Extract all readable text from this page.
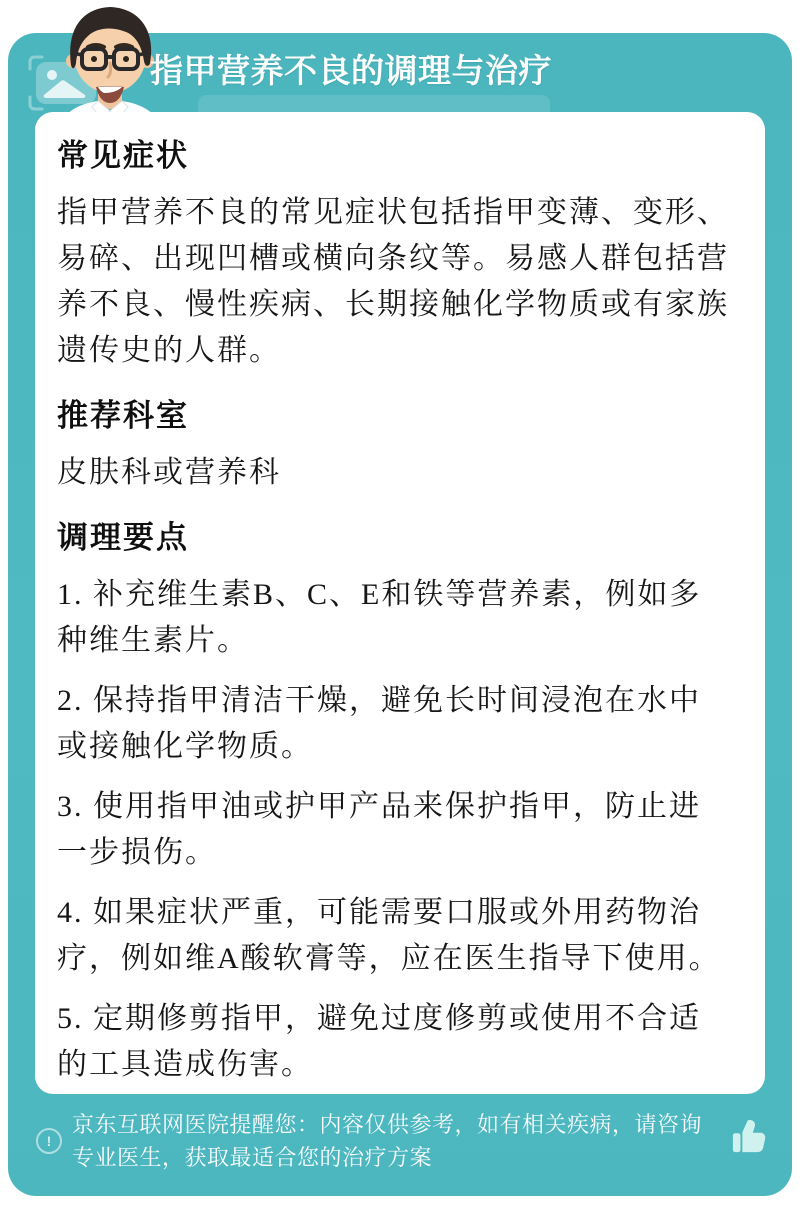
指甲营养不良的调理与治疗
常见症状

指甲营养不良的常见症状包括指甲变薄、变形、易碎、出现凹槽或横向条纹等。易感人群包括营养不良、慢性疾病、长期接触化学物质或有家族遗传史的人群。

推荐科室

皮肤科或营养科

调理要点

1. 补充维生素B、C、E和铁等营养素，例如多种维生素片。

2. 保持指甲清洁干燥，避免长时间浸泡在水中或接触化学物质。

3. 使用指甲油或护甲产品来保护指甲，防止进一步损伤。

4. 如果症状严重，可能需要口服或外用药物治疗，例如维A酸软膏等，应在医生指导下使用。

5. 定期修剪指甲，避免过度修剪或使用不合适的工具造成伤害。

!
京东互联网医院提醒您：内容仅供参考，如有相关疾病，请咨询专业医生，获取最适合您的治疗方案
